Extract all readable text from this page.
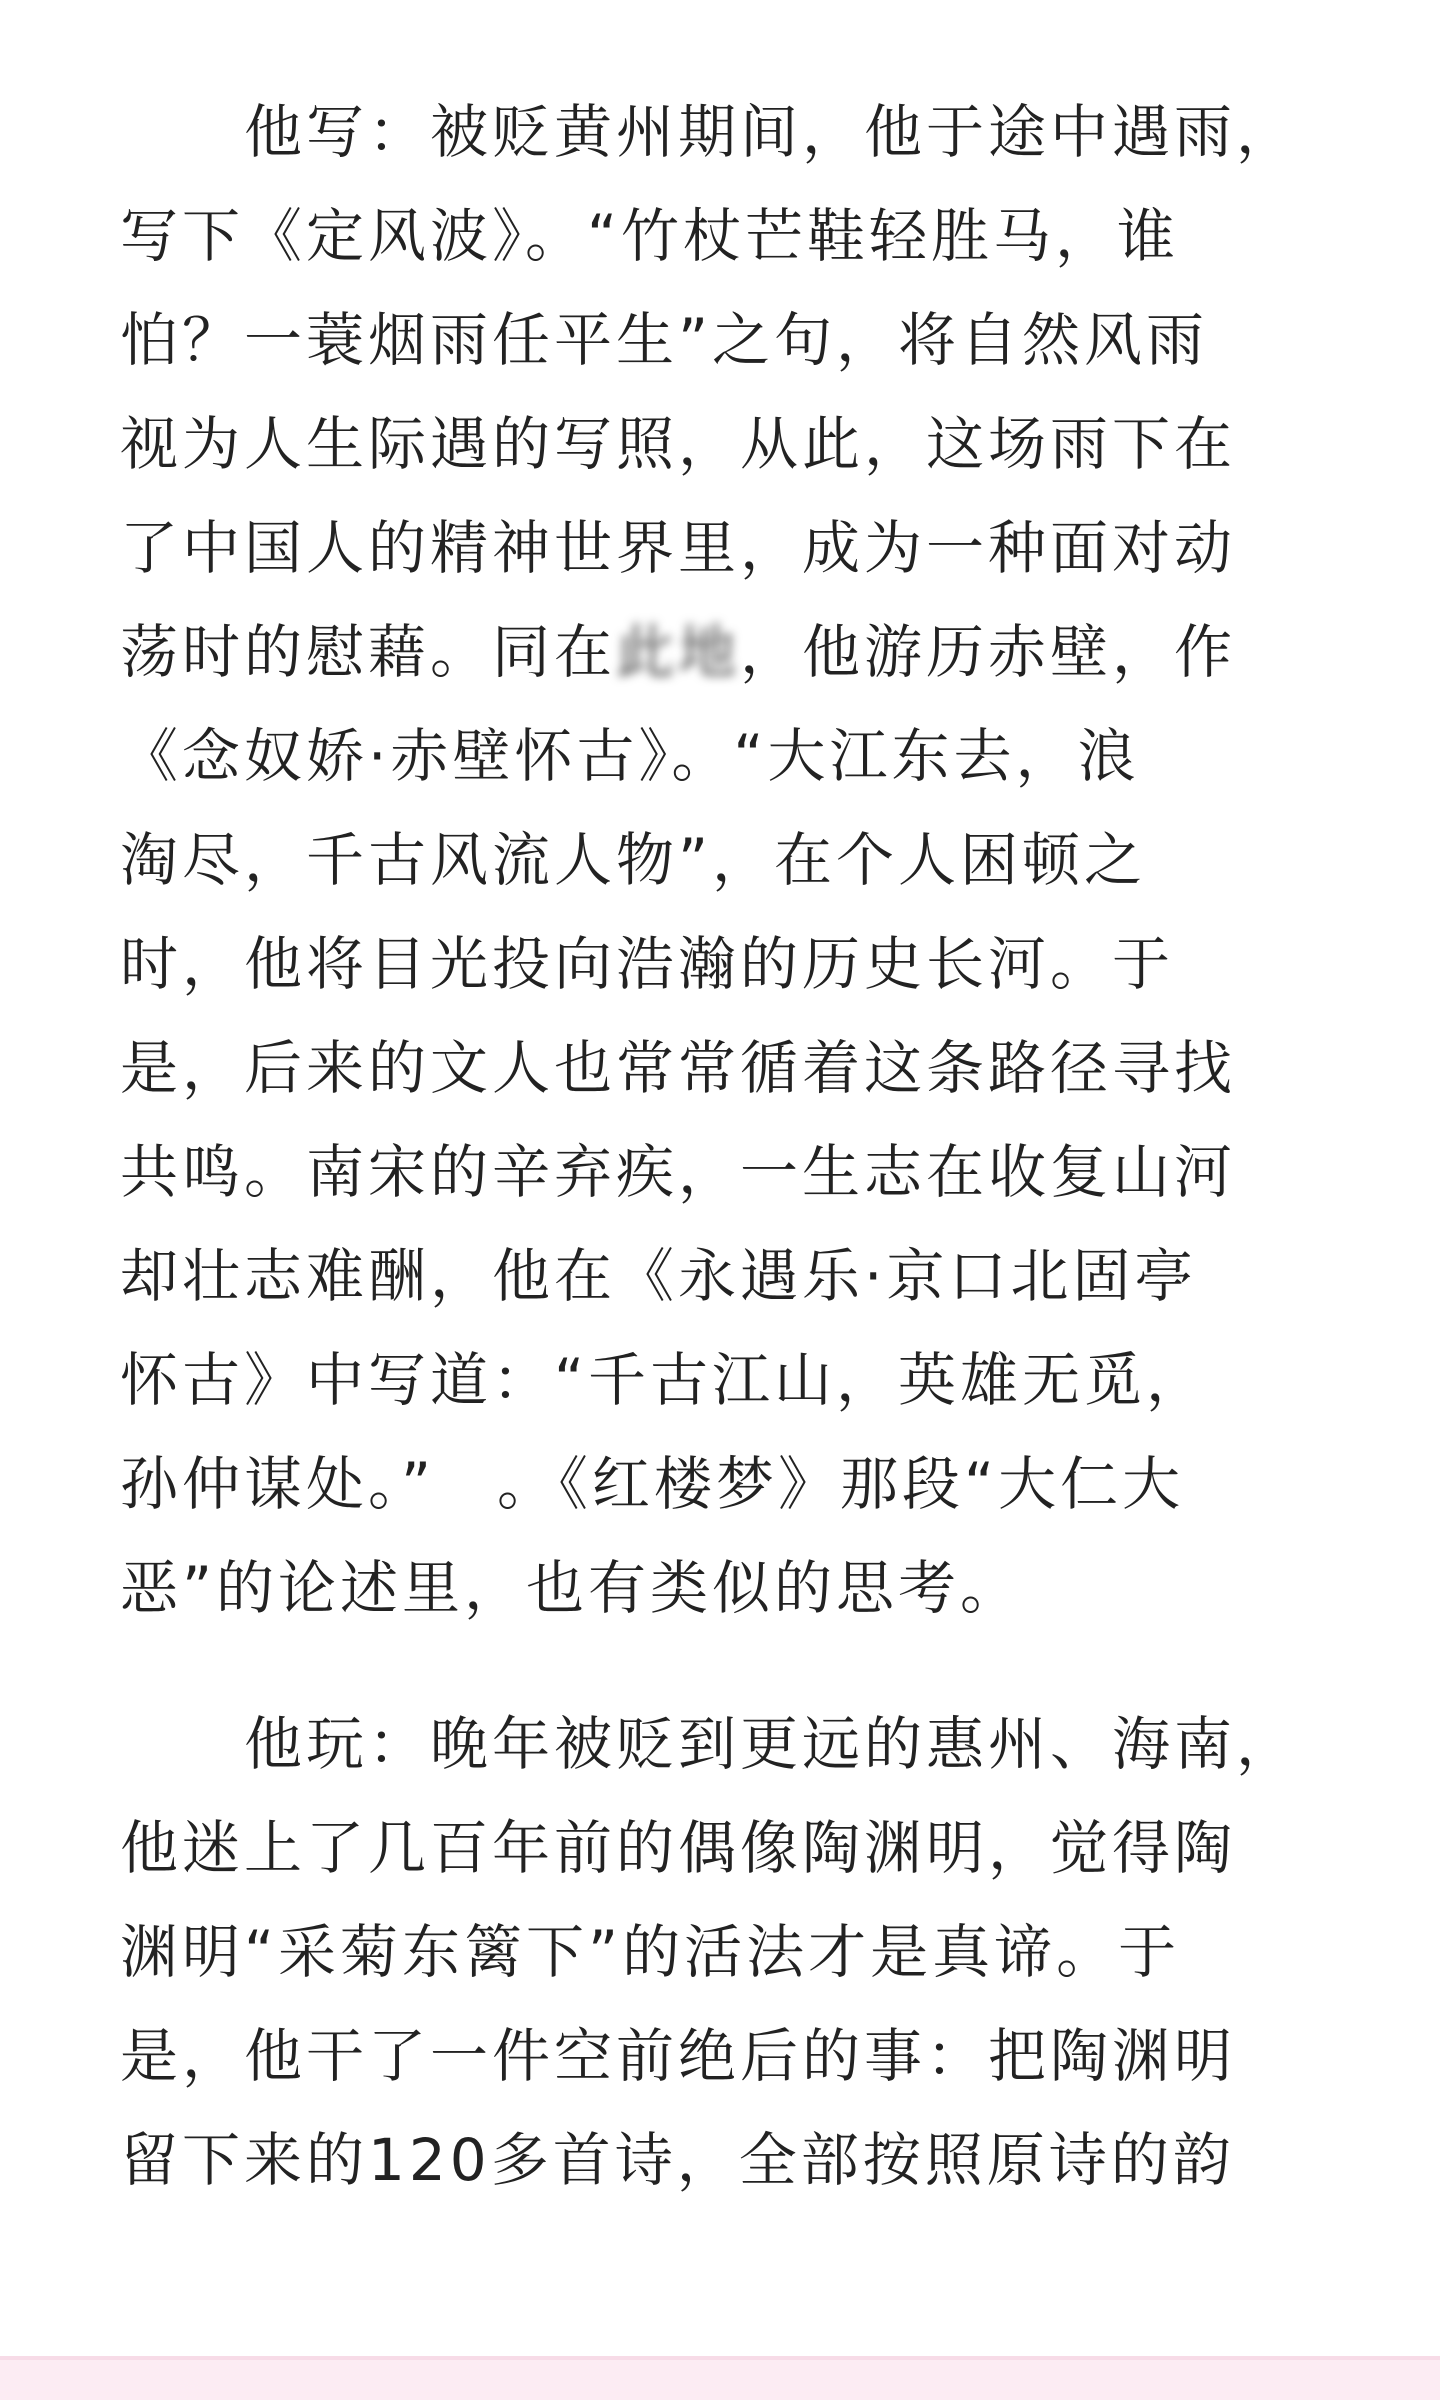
　　他写：被贬黄州期间，他于途中遇雨，
写下《定风波》。“竹杖芒鞋轻胜马，谁
怕？一蓑烟雨任平生”之句，将自然风雨
视为人生际遇的写照，从此，这场雨下在
了中国人的精神世界里，成为一种面对动
荡时的慰藉。同在此地，他游历赤壁，作
《念奴娇·赤壁怀古》。“大江东去，浪
淘尽，千古风流人物”，在个人困顿之
时，他将目光投向浩瀚的历史长河。于
是，后来的文人也常常循着这条路径寻找
共鸣。南宋的辛弃疾，一生志在收复山河
却壮志难酬，他在《永遇乐·京口北固亭
怀古》中写道：“千古江山，英雄无觅，
孙仲谋处。”　。《红楼梦》那段“大仁大
恶”的论述里，也有类似的思考。
　　他玩：晚年被贬到更远的惠州、海南，
他迷上了几百年前的偶像陶渊明，觉得陶
渊明“采菊东篱下”的活法才是真谛。于
是，他干了一件空前绝后的事：把陶渊明
留下来的120多首诗，全部按照原诗的韵
